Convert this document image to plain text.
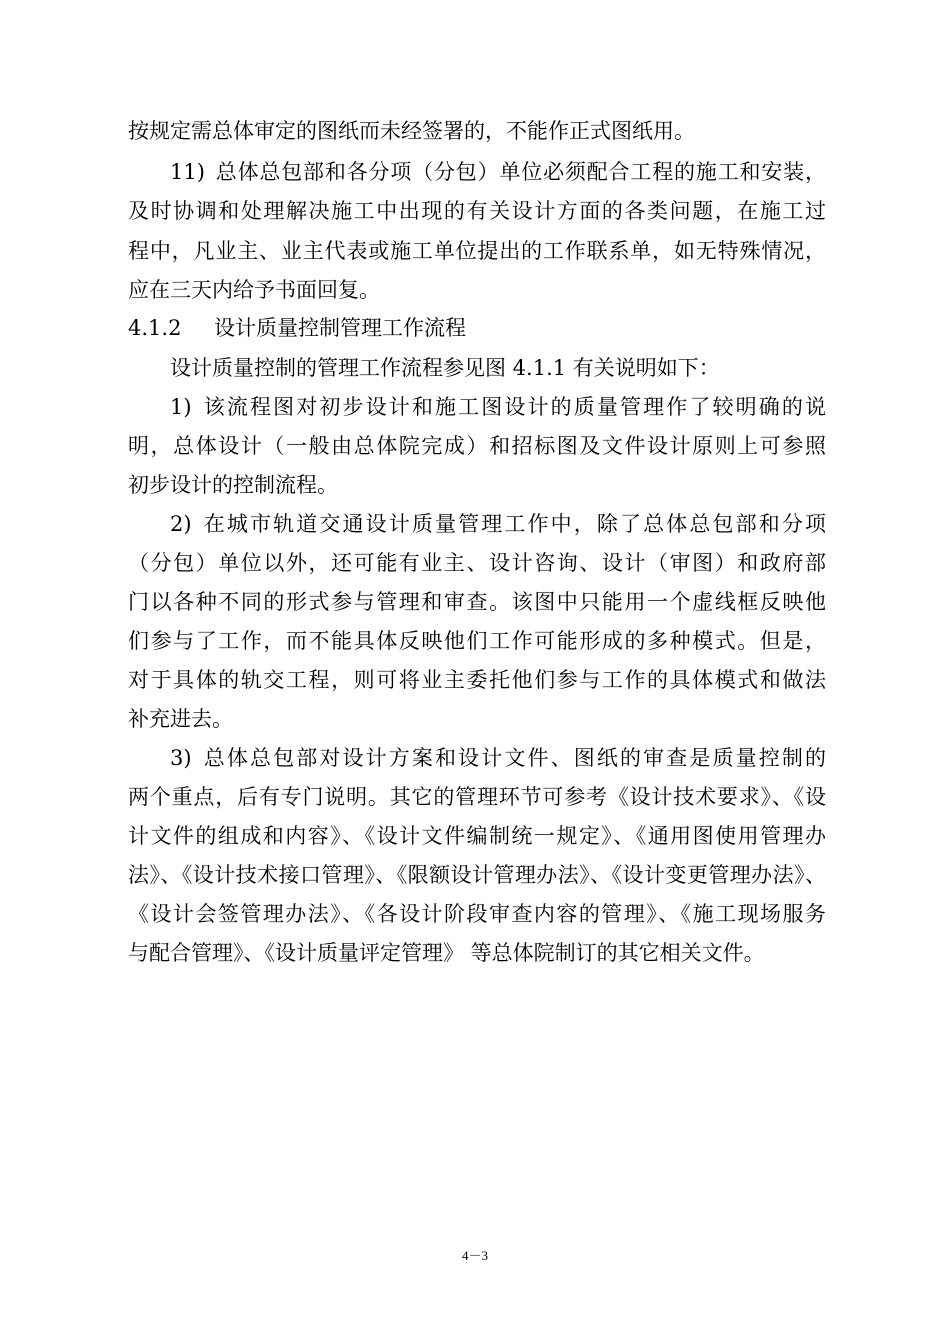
按规定需总体审定的图纸而未经签署的，不能作正式图纸用。
11) 总体总包部和各分项（分包）单位必须配合工程的施工和安装，
及时协调和处理解决施工中出现的有关设计方面的各类问题，在施工过
程中，凡业主、业主代表或施工单位提出的工作联系单，如无特殊情况，
应在三天内给予书面回复。
4.1.2 设计质量控制管理工作流程
设计质量控制的管理工作流程参见图 4.1.1 有关说明如下：
1) 该流程图对初步设计和施工图设计的质量管理作了较明确的说
明，总体设计（一般由总体院完成）和招标图及文件设计原则上可参照
初步设计的控制流程。
2) 在城市轨道交通设计质量管理工作中，除了总体总包部和分项
（分包）单位以外，还可能有业主、设计咨询、设计（审图）和政府部
门以各种不同的形式参与管理和审查。该图中只能用一个虚线框反映他
们参与了工作，而不能具体反映他们工作可能形成的多种模式。但是，
对于具体的轨交工程，则可将业主委托他们参与工作的具体模式和做法
补充进去。
3) 总体总包部对设计方案和设计文件、图纸的审查是质量控制的
两个重点，后有专门说明。其它的管理环节可参考《设计技术要求》、《设
计文件的组成和内容》、《设计文件编制统一规定》、《通用图使用管理办
法》、《设计技术接口管理》、《限额设计管理办法》、《设计变更管理办法》、
《设计会签管理办法》、《各设计阶段审查内容的管理》、《施工现场服务
与配合管理》、《设计质量评定管理》 等总体院制订的其它相关文件。
4－3
